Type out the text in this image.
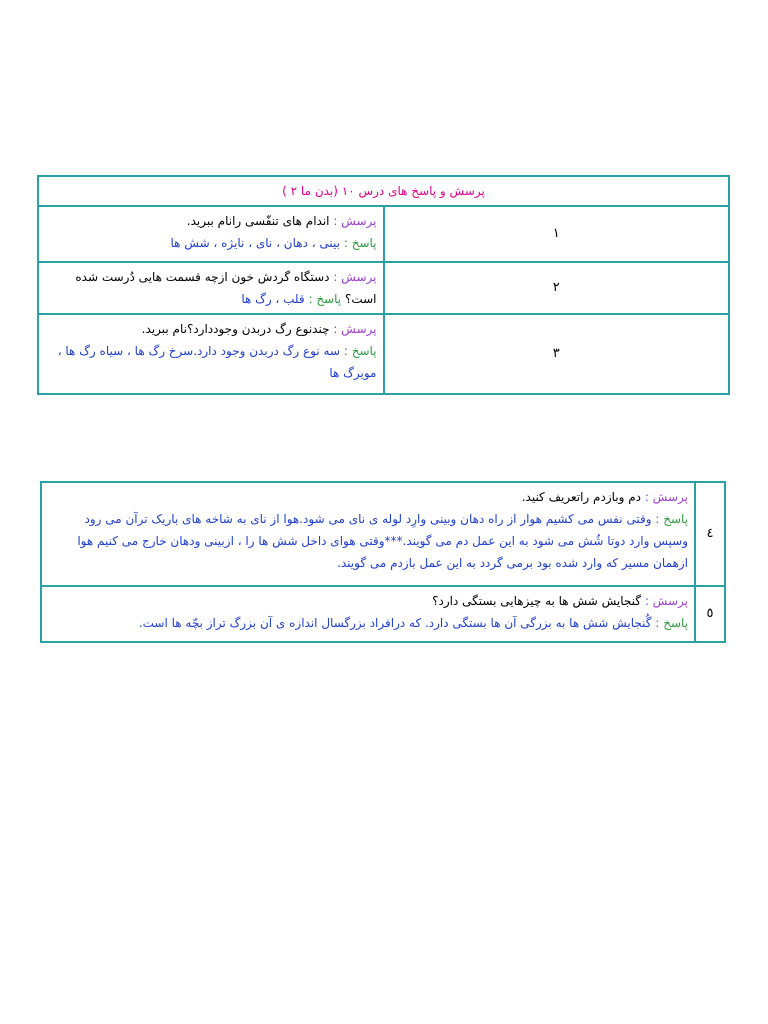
پرسش و پاسخ های درس ۱۰ (بدن ما ۲ )	
۱	پرسش : اندام های تنفّسی رانام ببرید.

پاسخ : بینی ، دهان ، نای ، نایژه ، شش ها

۲	پرسش : دستگاه گردش خون ازچه قسمت هایی دُرست شده است؟ پاسخ : قلب ، رگ ها

۳	پرسش : چندنوع رگ دربدن وجوددارد؟نام ببرید.

پاسخ : سه نوع رگ دربدن وجود دارد.سرخ رگ ها ، سیاه رگ ها ، مویرگ ها

٤	پرسش : دم وبازدم راتعریف کنید.

پاسخ : وقتی نفس می کشیم هوار از راه دهان وبینی وارِد لوله ی نای می شود.هوا از نای به شاخه های باریک ترآن می رود وسپس وارد دوتا شُش می شود به این عمل دم می گویند.***وقتی هوای داخل شش ها را ، ازبینی ودهان خارج می کنیم هوا ازهمان مسیر که وارد شده بود برمی گردد به این عمل بازدم می گویند.

٥	پرسش : گنجایش شش ها به چیزهایی بستگی دارد؟

پاسخ : گُنجایش شش ها به بزرگی آن ها بستگی دارد. که درافراد بزرگسال اندازه ی آن بزرگ تراز بچّه ها است.
